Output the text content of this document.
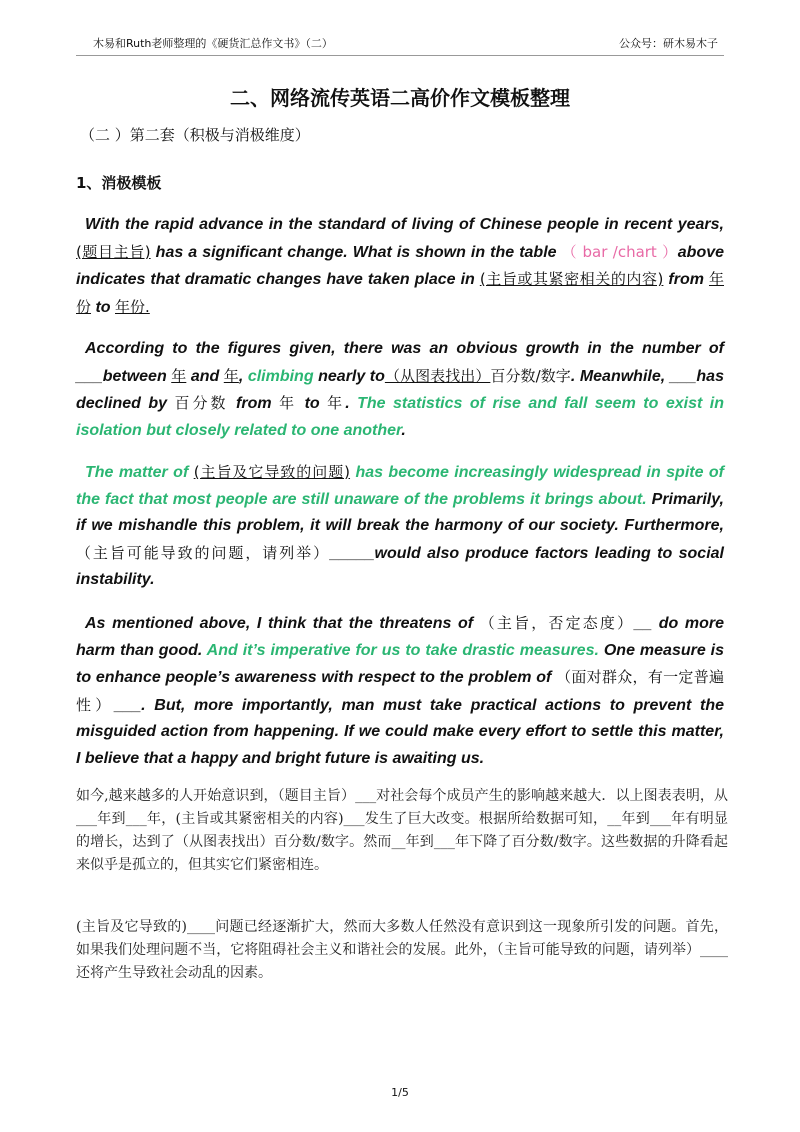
木易和Ruth老师整理的《硬货汇总作文书》（二）	公众号：研木易木子
二、网络流传英语二高价作文模板整理
（二 ）第二套（积极与消极维度）
1、消极模板

With the rapid advance in the standard of living of Chinese people in recent years, (题目主旨) has a significant change. What is shown in the table （ bar /chart ）above indicates that dramatic changes have taken place in (主旨或其紧密相关的内容) from 年份 to 年份.

According to the figures given, there was an obvious growth in the number of ___between 年 and 年, climbing nearly to（从图表找出）百分数/数字. Meanwhile, ___has declined by 百分数 from 年 to 年. The statistics of rise and fall seem to exist in isolation but closely related to one another.

The matter of (主旨及它导致的问题) has become increasingly widespread in spite of the fact that most people are still unaware of the problems it brings about. Primarily, if we mishandle this problem, it will break the harmony of our society. Furthermore, （主旨可能导致的问题，请列举）_____would also produce factors leading to social instability.

As mentioned above, I think that the threatens of （主旨，否定态度）__ do more harm than good. And it’s imperative for us to take drastic measures. One measure is to enhance people’s awareness with respect to the problem of （面对群众，有一定普遍性）___. But, more importantly, man must take practical actions to prevent the misguided action from happening. If we could make every effort to settle this matter, I believe that a happy and bright future is awaiting us.

如今,越来越多的人开始意识到，（题目主旨）___对社会每个成员产生的影响越来越大．以上图表表明，从___年到___年，(主旨或其紧密相关的内容)___发生了巨大改变。根据所给数据可知，__年到___年有明显的增长，达到了（从图表找出）百分数/数字。然而__年到___年下降了百分数/数字。这些数据的升降看起来似乎是孤立的，但其实它们紧密相连。

(主旨及它导致的)____问题已经逐渐扩大，然而大多数人任然没有意识到这一现象所引发的问题。首先，如果我们处理问题不当，它将阻碍社会主义和谐社会的发展。此外，（主旨可能导致的问题，请列举）____还将产生导致社会动乱的因素。

1/5
